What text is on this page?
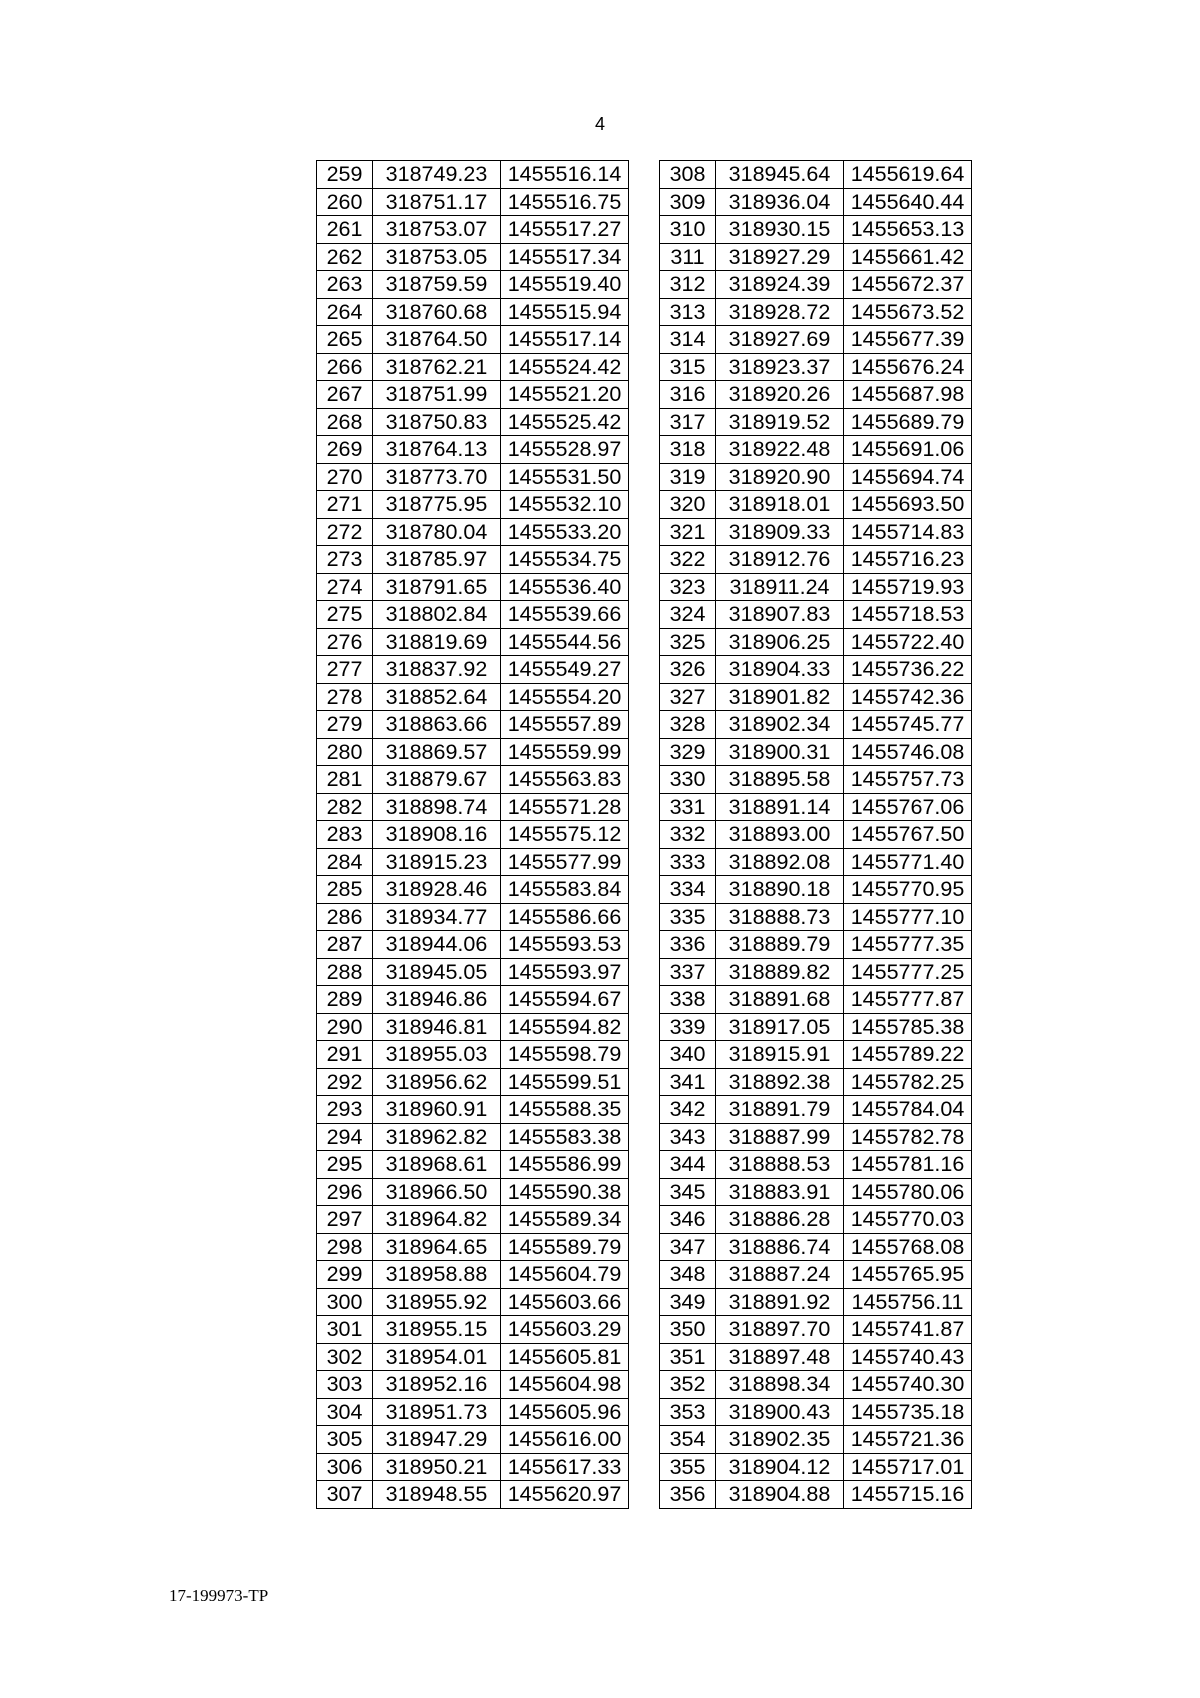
4
259	318749.23	1455516.14
260	318751.17	1455516.75
261	318753.07	1455517.27
262	318753.05	1455517.34
263	318759.59	1455519.40
264	318760.68	1455515.94
265	318764.50	1455517.14
266	318762.21	1455524.42
267	318751.99	1455521.20
268	318750.83	1455525.42
269	318764.13	1455528.97
270	318773.70	1455531.50
271	318775.95	1455532.10
272	318780.04	1455533.20
273	318785.97	1455534.75
274	318791.65	1455536.40
275	318802.84	1455539.66
276	318819.69	1455544.56
277	318837.92	1455549.27
278	318852.64	1455554.20
279	318863.66	1455557.89
280	318869.57	1455559.99
281	318879.67	1455563.83
282	318898.74	1455571.28
283	318908.16	1455575.12
284	318915.23	1455577.99
285	318928.46	1455583.84
286	318934.77	1455586.66
287	318944.06	1455593.53
288	318945.05	1455593.97
289	318946.86	1455594.67
290	318946.81	1455594.82
291	318955.03	1455598.79
292	318956.62	1455599.51
293	318960.91	1455588.35
294	318962.82	1455583.38
295	318968.61	1455586.99
296	318966.50	1455590.38
297	318964.82	1455589.34
298	318964.65	1455589.79
299	318958.88	1455604.79
300	318955.92	1455603.66
301	318955.15	1455603.29
302	318954.01	1455605.81
303	318952.16	1455604.98
304	318951.73	1455605.96
305	318947.29	1455616.00
306	318950.21	1455617.33
307	318948.55	1455620.97
308	318945.64	1455619.64
309	318936.04	1455640.44
310	318930.15	1455653.13
311	318927.29	1455661.42
312	318924.39	1455672.37
313	318928.72	1455673.52
314	318927.69	1455677.39
315	318923.37	1455676.24
316	318920.26	1455687.98
317	318919.52	1455689.79
318	318922.48	1455691.06
319	318920.90	1455694.74
320	318918.01	1455693.50
321	318909.33	1455714.83
322	318912.76	1455716.23
323	318911.24	1455719.93
324	318907.83	1455718.53
325	318906.25	1455722.40
326	318904.33	1455736.22
327	318901.82	1455742.36
328	318902.34	1455745.77
329	318900.31	1455746.08
330	318895.58	1455757.73
331	318891.14	1455767.06
332	318893.00	1455767.50
333	318892.08	1455771.40
334	318890.18	1455770.95
335	318888.73	1455777.10
336	318889.79	1455777.35
337	318889.82	1455777.25
338	318891.68	1455777.87
339	318917.05	1455785.38
340	318915.91	1455789.22
341	318892.38	1455782.25
342	318891.79	1455784.04
343	318887.99	1455782.78
344	318888.53	1455781.16
345	318883.91	1455780.06
346	318886.28	1455770.03
347	318886.74	1455768.08
348	318887.24	1455765.95
349	318891.92	1455756.11
350	318897.70	1455741.87
351	318897.48	1455740.43
352	318898.34	1455740.30
353	318900.43	1455735.18
354	318902.35	1455721.36
355	318904.12	1455717.01
356	318904.88	1455715.16
17-199973-TP
